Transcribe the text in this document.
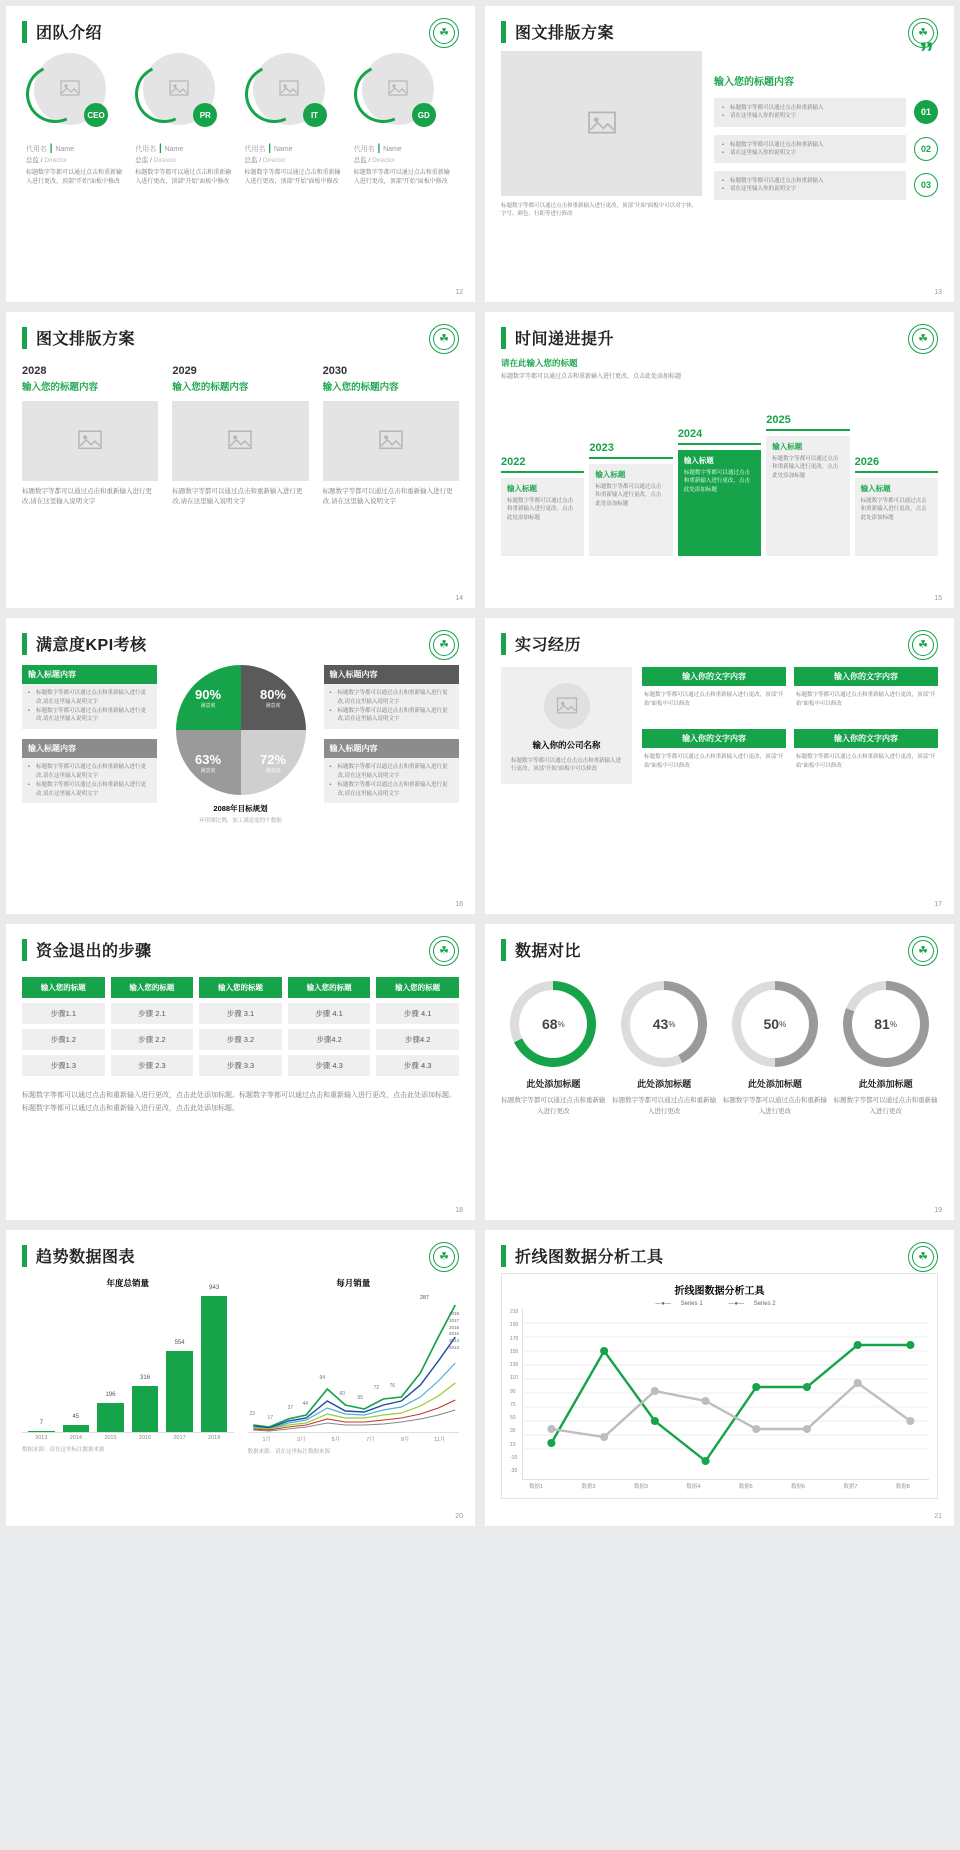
团队介绍	☘
CEO
代用名 | Name
总监 / Director
标题数字等都可以通过点击和重新输入进行更改，顶部“开始”面板中修改
PR
代用名 | Name
总监 / Director
标题数字等都可以通过点击和重新输入进行更改，顶部“开始”面板中修改
IT
代用名 | Name
总监 / Director
标题数字等都可以通过点击和重新输入进行更改，顶部“开始”面板中修改
GD
代用名 | Name
总监 / Director
标题数字等都可以通过点击和重新输入进行更改，顶部“开始”面板中修改
12
图文排版方案	☘
标题数字等都可以通过点击和重新输入进行更改，顶部“开始”面板中可以对字体、字号、颜色、行距等进行修改
”
输入您的标题内容
• 标题数字等都可以通过点击和重新输入
• 请在这里输入你的说明文字	01
• 标题数字等都可以通过点击和重新输入
• 请在这里输入你的说明文字	02
• 标题数字等都可以通过点击和重新输入
• 请在这里输入你的说明文字	03
13
图文排版方案	☘
2028
输入您的标题内容
标题数字等都可以通过点击和重新输入进行更改,请在这里输入说明文字
2029
输入您的标题内容
标题数字等都可以通过点击和重新输入进行更改,请在这里输入说明文字
2030
输入您的标题内容
标题数字等都可以通过点击和重新输入进行更改,请在这里输入说明文字
14
时间递进提升	☘
请在此输入您的标题
标题数字等都可以通过点击和重新输入进行更改，点击此处添加标题
2022
输入标题
标题数字等都可以通过点击和重新输入进行更改，点击此处添加标题
2023
输入标题
标题数字等都可以通过点击和重新输入进行更改，点击此处添加标题
2024
输入标题
标题数字等都可以通过点击和重新输入进行更改，点击此处添加标题
2025
输入标题
标题数字等都可以通过点击和重新输入进行更改，点击此处添加标题
2026
输入标题
标题数字等都可以通过点击和重新输入进行更改，点击此处添加标题
15
满意度KPI考核	☘
输入标题内容
• 标题数字等都可以通过点击和重新输入进行更改,请在这里输入说明文字
• 标题数字等都可以通过点击和重新输入进行更改,请在这里输入说明文字
输入标题内容
• 标题数字等都可以通过点击和重新输入进行更改,请在这里输入说明文字
• 标题数字等都可以通过点击和重新输入进行更改,请在这里输入说明文字
90%
满意度
80%
满意度
63%
满意度
72%
满意度
2088年目标规划
环形图比例，加工满意度的个数据
输入标题内容
• 标题数字等都可以通过点击和重新输入进行更改,请在这里输入说明文字
• 标题数字等都可以通过点击和重新输入进行更改,请在这里输入说明文字
输入标题内容
• 标题数字等都可以通过点击和重新输入进行更改,请在这里输入说明文字
• 标题数字等都可以通过点击和重新输入进行更改,请在这里输入说明文字
16
实习经历	☘
输入你的公司名称
标题数字等都可以通过点击点击和重新输入进行更改，顶部“开始”面板中可以修改
输入你的文字内容
标题数字等都可以通过点击和重新输入进行更改，顶部“开始”面板中可以修改
输入你的文字内容
标题数字等都可以通过点击和重新输入进行更改，顶部“开始”面板中可以修改
输入你的文字内容
标题数字等都可以通过点击和重新输入进行更改，顶部“开始”面板中可以修改
输入你的文字内容
标题数字等都可以通过点击和重新输入进行更改，顶部“开始”面板中可以修改
17
资金退出的步骤	☘
输入您的标题	输入您的标题	输入您的标题	输入您的标题	输入您的标题
步骤1.1	步骤 2.1	步骤 3.1	步骤 4.1	步骤 4.1
步骤1.2	步骤 2.2	步骤 3.2	步骤4.2	步骤4.2
步骤1.3	步骤 2.3	步骤 3.3	步骤 4.3	步骤 4.3
标题数字等都可以通过点击和重新输入进行更改，点击此处添加标题。标题数字等都可以通过点击和重新输入进行更改，点击此处添加标题。标题数字等都可以通过点击和重新输入进行更改，点击此处添加标题。
18
数据对比	☘
68 %
此处添加标题
标题数字等都可以通过点击和重新输入进行更改
43 %
此处添加标题
标题数字等都可以通过点击和重新输入进行更改
50 %
此处添加标题
标题数字等都可以通过点击和重新输入进行更改
81 %
此处添加标题
标题数字等都可以通过点击和重新输入进行更改
19
趋势数据图表	☘
年度总销量
7
45
196
316
554
943
2013	2014	2015	2016	2017	2018
数据来源：请在这里标注数据来源
每月销量
23
17
37
44
94
60
55
72 76
287
2018
2017
2016
2015
2014
2013
1月	3月	5月	7月	9月	11月
数据来源：请在这里标注数据来源
20
折线图数据分析工具	☘
折线图数据分析工具
—●— Series 1	—●— Series 2
210
190
170
150
130
110
90
70
50
30
10
-10
-30
数据1	数据2	数据3	数据4	数据5	数据6	数据7	数据8
21
